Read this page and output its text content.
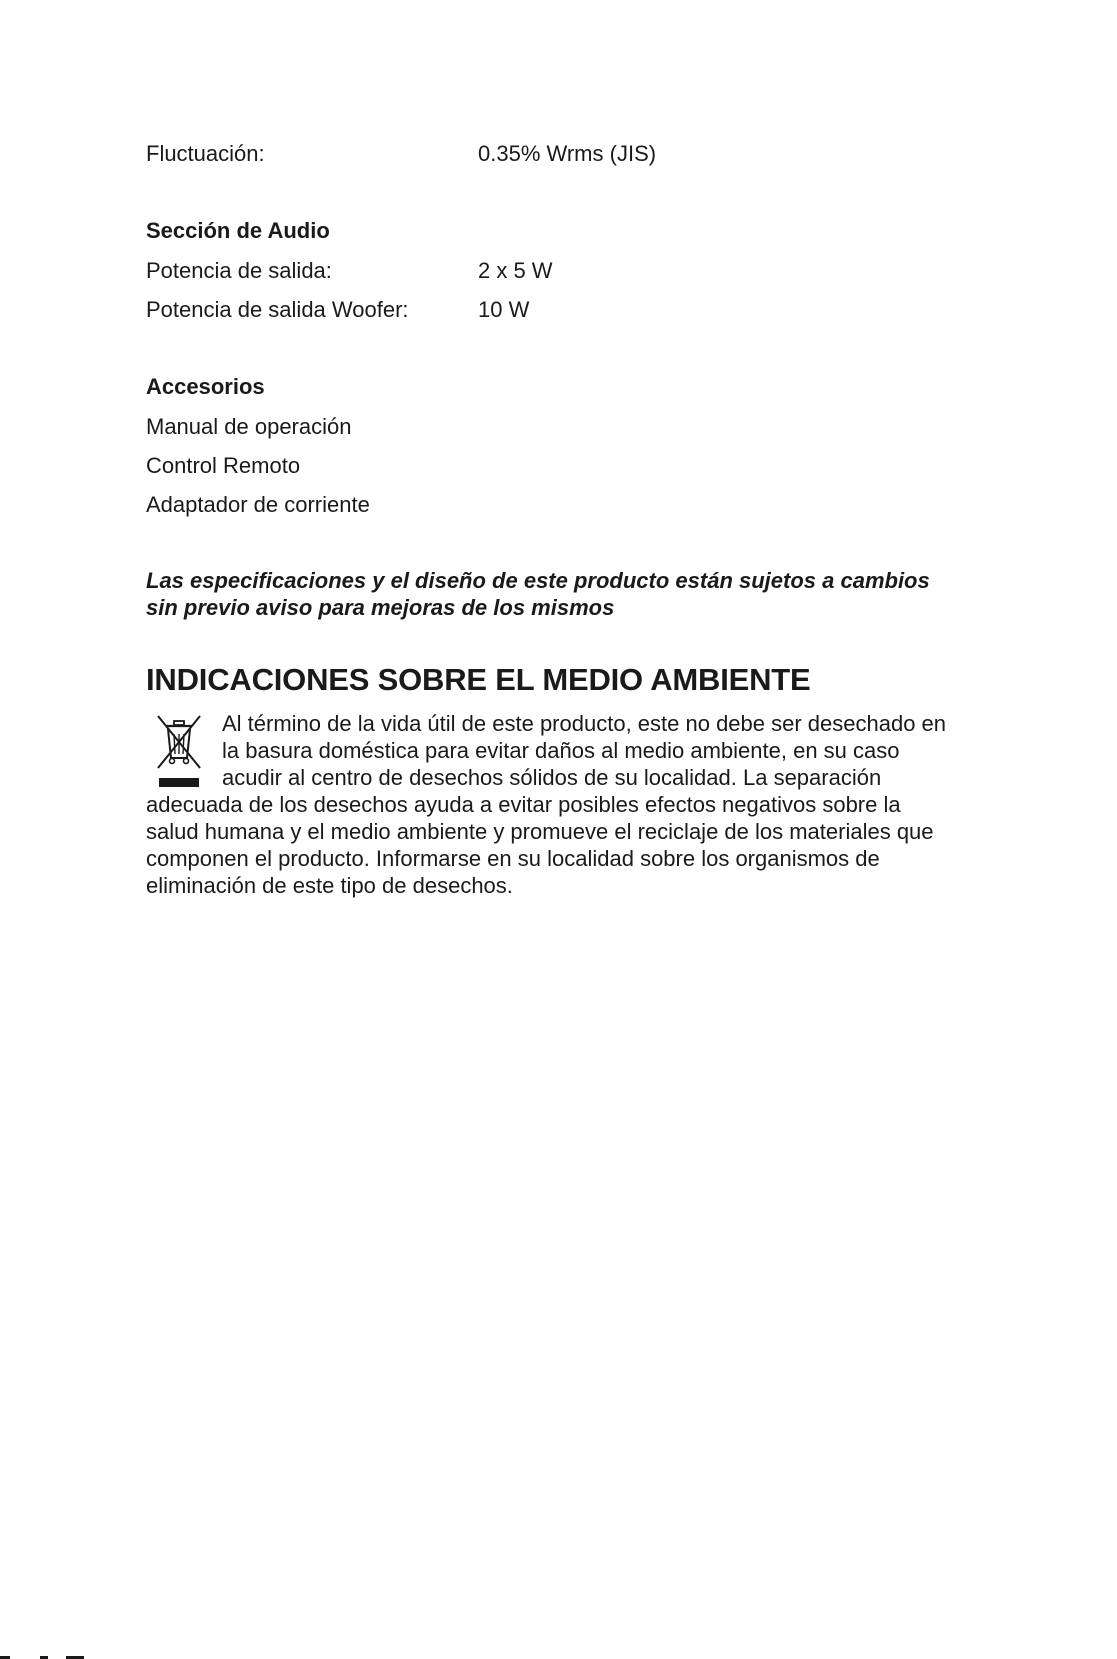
Fluctuación:	0.35% Wrms (JIS)
Sección de Audio
Potencia de salida:	2 x 5 W
Potencia de salida Woofer:	10 W
Accesorios
Manual de operación
Control Remoto
Adaptador de corriente
Las especificaciones y el diseño de este producto están sujetos a cambios
sin previo aviso para mejoras de los mismos
INDICACIONES SOBRE EL MEDIO AMBIENTE
Al término de la vida útil de este producto, este no debe ser desechado en
la basura doméstica para evitar daños al medio ambiente, en su caso
acudir al centro de desechos sólidos de su localidad. La separación
adecuada de los desechos ayuda a evitar posibles efectos negativos sobre la
salud humana y el medio ambiente y promueve el reciclaje de los materiales que
componen el producto. Informarse en su localidad sobre los organismos de
eliminación de este tipo de desechos.
